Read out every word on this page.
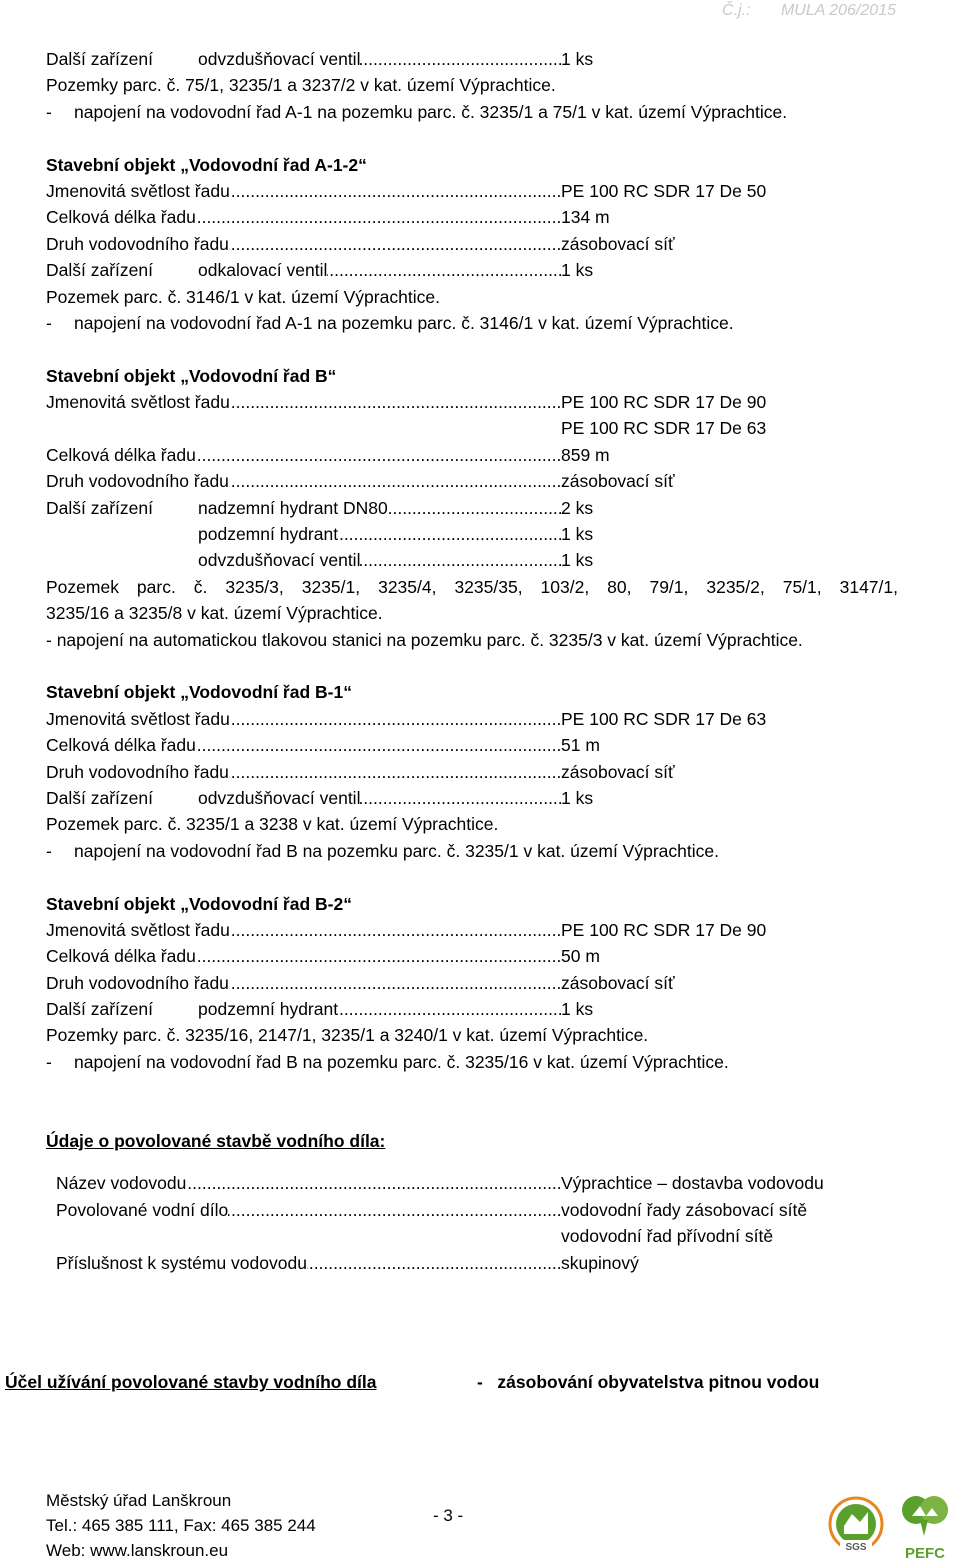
Č.j.: MULA 206/2015
Další zařízení .....	odvzdušňovací ventil	1 ks
Pozemky parc. č. 75/1, 3235/1 a 3237/2 v kat. území Výprachtice.
- napojení na vodovodní řad A-1 na pozemku parc. č. 3235/1 a 75/1 v kat. území Výprachtice.
Stavební objekt „Vodovodní řad A-1-2“
.....
Jmenovitá světlost řadu	PE 100 RC SDR 17 De 50
.....
Celková délka řadu	134 m
.....
Druh vodovodního řadu	zásobovací síť
Další zařízení .....	odkalovací ventil	1 ks
Pozemek parc. č. 3146/1 v kat. území Výprachtice.
- napojení na vodovodní řad A-1 na pozemku parc. č. 3146/1 v kat. území Výprachtice.
Stavební objekt „Vodovodní řad B“
.....
Jmenovitá světlost řadu	PE 100 RC SDR 17 De 90
PE 100 RC SDR 17 De 63
.....
Celková délka řadu	859 m
.....
Druh vodovodního řadu	zásobovací síť
Další zařízení .....	nadzemní hydrant DN80	2 ks
.....
podzemní hydrant	1 ks
.....
odvzdušňovací ventil	1 ks
Pozemek parc. č. 3235/3, 3235/1, 3235/4, 3235/35, 103/2, 80, 79/1, 3235/2, 75/1, 3147/1,
3235/16 a 3235/8 v kat. území Výprachtice.
- napojení na automatickou tlakovou stanici na pozemku parc. č. 3235/3 v kat. území Výprachtice.
Stavební objekt „Vodovodní řad B-1“
.....
Jmenovitá světlost řadu	PE 100 RC SDR 17 De 63
.....
Celková délka řadu	51 m
.....
Druh vodovodního řadu	zásobovací síť
Další zařízení .....	odvzdušňovací ventil	1 ks
Pozemek parc. č. 3235/1 a 3238 v kat. území Výprachtice.
- napojení na vodovodní řad B na pozemku parc. č. 3235/1 v kat. území Výprachtice.
Stavební objekt „Vodovodní řad B-2“
.....
Jmenovitá světlost řadu	PE 100 RC SDR 17 De 90
.....
Celková délka řadu	50 m
.....
Druh vodovodního řadu	zásobovací síť
Další zařízení .....	podzemní hydrant	1 ks
Pozemky parc. č. 3235/16, 2147/1, 3235/1 a 3240/1 v kat. území Výprachtice.
- napojení na vodovodní řad B na pozemku parc. č. 3235/16 v kat. území Výprachtice.
Údaje o povolované stavbě vodního díla:
.....
Název vodovodu	Výprachtice – dostavba vodovodu
.....
Povolované vodní dílo	vodovodní řady zásobovací sítě
vodovodní řad přívodní sítě
.....
Příslušnost k systému vodovodu	skupinový
Účel užívání povolované stavby vodního díla	-   zásobování obyvatelstva pitnou vodou
Městský úřad Lanškroun
Tel.: 465 385 111, Fax: 465 385 244
Web: www.lanskroun.eu
- 3 -
SGS	PEFC
